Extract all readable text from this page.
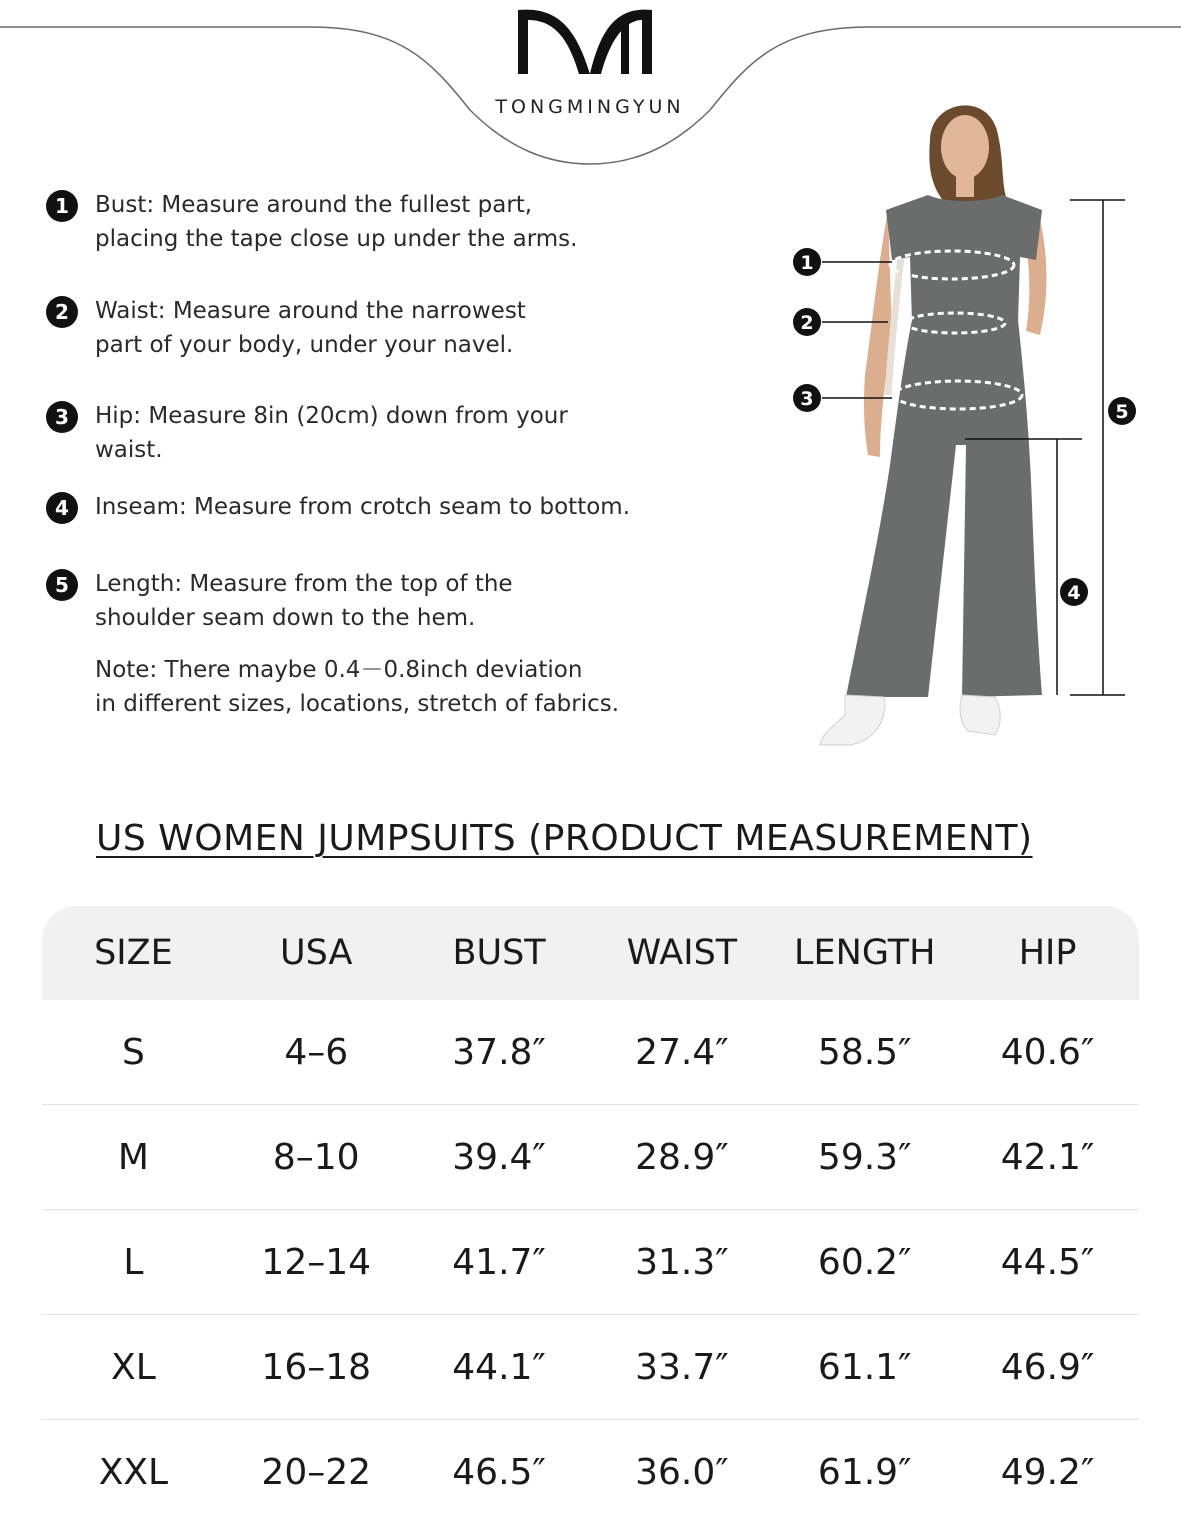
TONGMINGYUN
1	Bust: Measure around the fullest part,
placing the tape close up under the arms.
2	Waist: Measure around the narrowest
part of your body, under your navel.
3	Hip: Measure 8in (20cm) down from your
waist.
4	Inseam: Measure from crotch seam to bottom.
5	Length: Measure from the top of the
shoulder seam down to the hem.
Note: There maybe 0.4－0.8inch deviation
in different sizes, locations, stretch of fabrics.
1
2
3
4
5
US WOMEN JUMPSUITS (PRODUCT MEASUREMENT)
SIZE	USA	BUST	WAIST	LENGTH	HIP
S	4–6	37.8″	27.4″	58.5″	40.6″
M	8–10	39.4″	28.9″	59.3″	42.1″
L	12–14	41.7″	31.3″	60.2″	44.5″
XL	16–18	44.1″	33.7″	61.1″	46.9″
XXL	20–22	46.5″	36.0″	61.9″	49.2″
